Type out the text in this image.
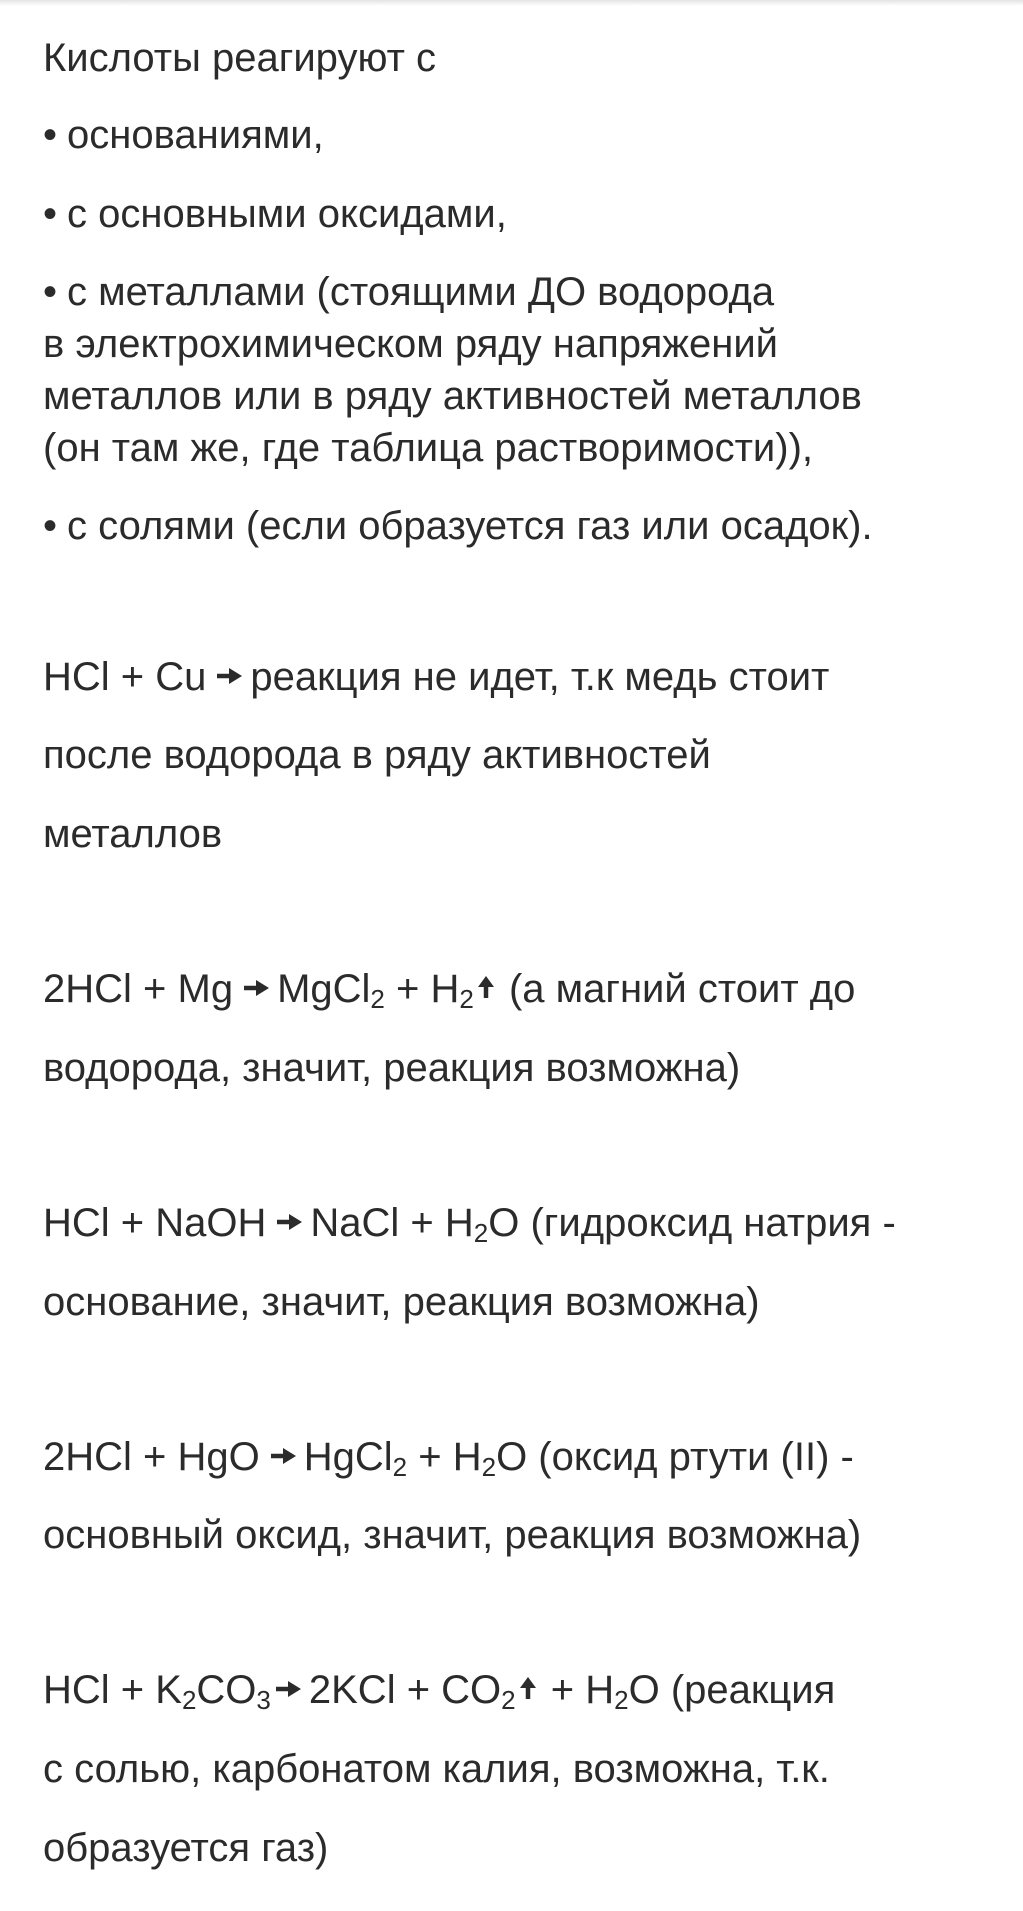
Кислоты реагируют с
• основаниями,
• с основными оксидами,
• с металлами (стоящими ДО водорода
в электрохимическом ряду напряжений
металлов или в ряду активностей металлов
(он там же, где таблица растворимости)),
• с солями (если образуется газ или осадок).
HCl + Cu реакция не идет, т.к медь стоит
после водорода в ряду активностей
металлов
2HCl + Mg MgCl$_2$ + $H_2$ (а магний стоит до
водорода, значит, реакция возможна)
HCl + NaOH NaCl + $H_2O$ (гидроксид натрия -
основание, значит, реакция возможна)
2HCl + HgO HgCl$_2$ + $H_2O$ (оксид ртути (II) -
основный оксид, значит, реакция возможна)
HCl + $K_2CO_3$ $2KCl + CO_2 + H_2O$ (реакция
с солью, карбонатом калия, возможна, т.к.
образуется газ)
